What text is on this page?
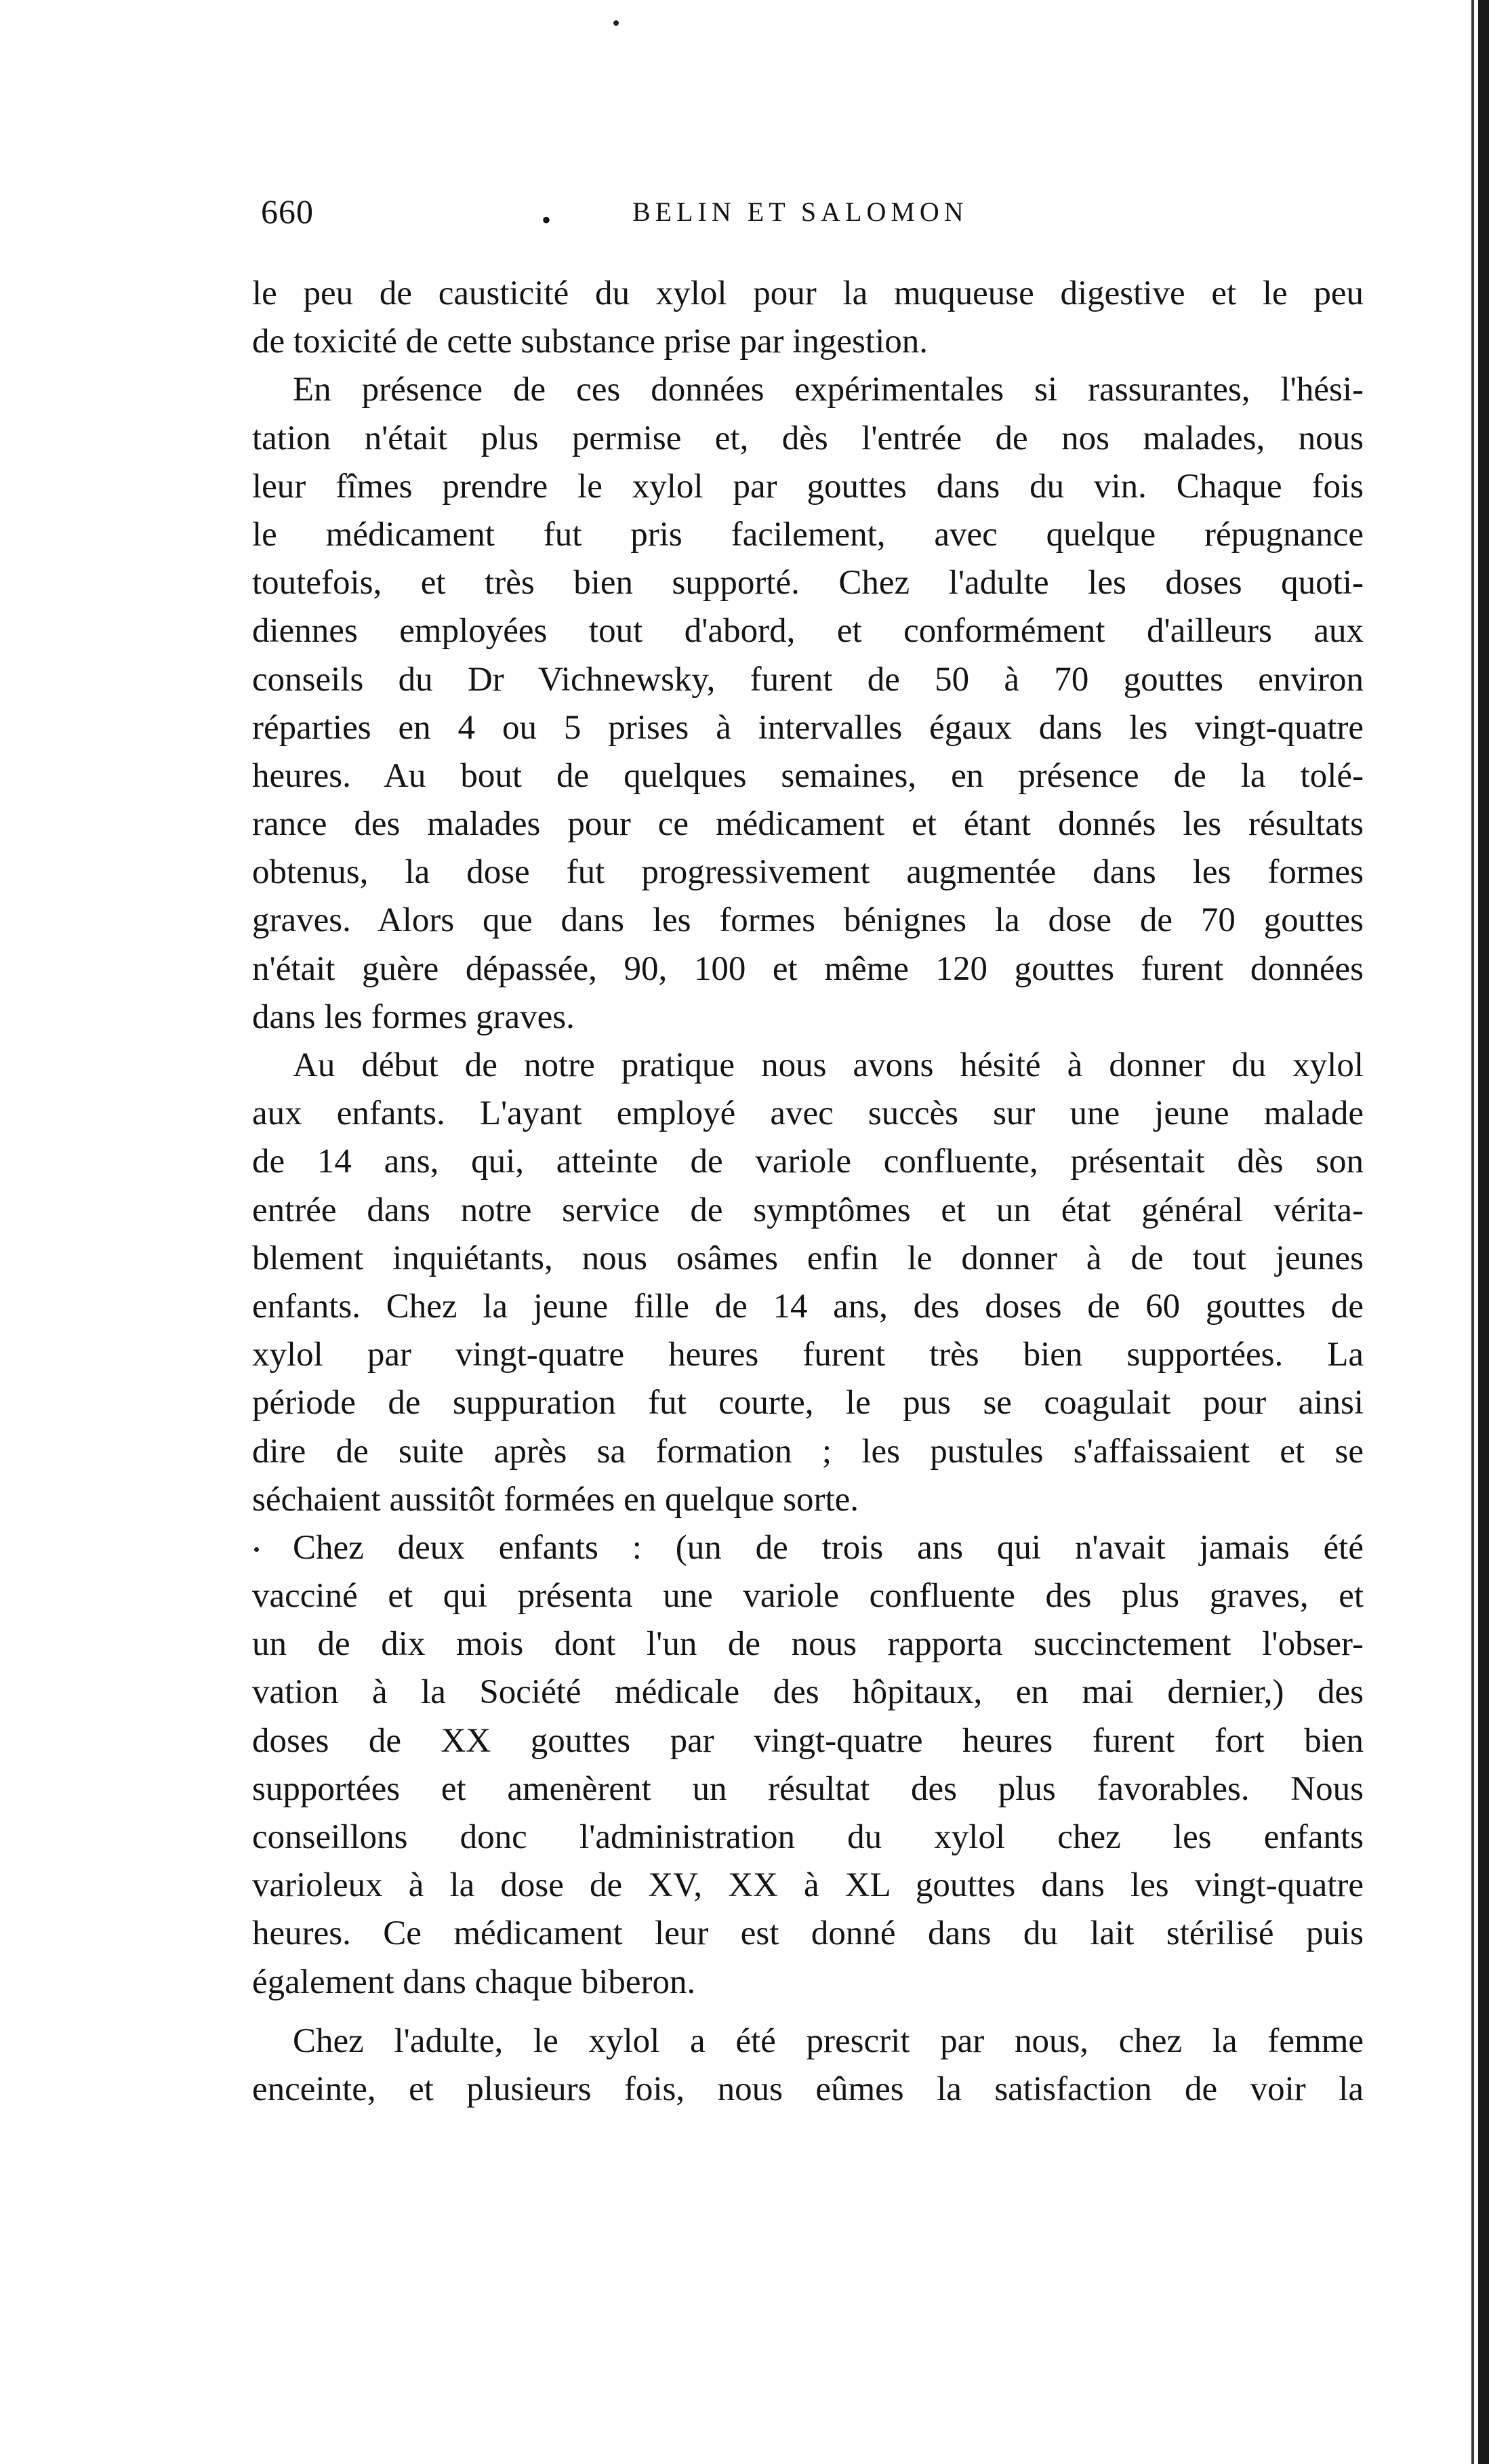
660	•	BELIN ET SALOMON
le peu de causticité du xylol pour la muqueuse digestive et le peu
de toxicité de cette substance prise par ingestion.
En présence de ces données expérimentales si rassurantes, l'hési-
tation n'était plus permise et, dès l'entrée de nos malades, nous
leur fîmes prendre le xylol par gouttes dans du vin. Chaque fois
le médicament fut pris facilement, avec quelque répugnance
toutefois, et très bien supporté. Chez l'adulte les doses quoti-
diennes employées tout d'abord, et conformément d'ailleurs aux
conseils du Dr Vichnewsky, furent de 50 à 70 gouttes environ
réparties en 4 ou 5 prises à intervalles égaux dans les vingt-quatre
heures. Au bout de quelques semaines, en présence de la tolé-
rance des malades pour ce médicament et étant donnés les résultats
obtenus, la dose fut progressivement augmentée dans les formes
graves. Alors que dans les formes bénignes la dose de 70 gouttes
n'était guère dépassée, 90, 100 et même 120 gouttes furent données
dans les formes graves.
Au début de notre pratique nous avons hésité à donner du xylol
aux enfants. L'ayant employé avec succès sur une jeune malade
de 14 ans, qui, atteinte de variole confluente, présentait dès son
entrée dans notre service de symptômes et un état général vérita-
blement inquiétants, nous osâmes enfin le donner à de tout jeunes
enfants. Chez la jeune fille de 14 ans, des doses de 60 gouttes de
xylol par vingt-quatre heures furent très bien supportées. La
période de suppuration fut courte, le pus se coagulait pour ainsi
dire de suite après sa formation ; les pustules s'affaissaient et se
séchaient aussitôt formées en quelque sorte.
Chez deux enfants : (un de trois ans qui n'avait jamais été
vacciné et qui présenta une variole confluente des plus graves, et
un de dix mois dont l'un de nous rapporta succinctement l'obser-
vation à la Société médicale des hôpitaux, en mai dernier,) des
doses de XX gouttes par vingt-quatre heures furent fort bien
supportées et amenèrent un résultat des plus favorables. Nous
conseillons donc l'administration du xylol chez les enfants
varioleux à la dose de XV, XX à XL gouttes dans les vingt-quatre
heures. Ce médicament leur est donné dans du lait stérilisé puis
également dans chaque biberon.
Chez l'adulte, le xylol a été prescrit par nous, chez la femme
enceinte, et plusieurs fois, nous eûmes la satisfaction de voir la
